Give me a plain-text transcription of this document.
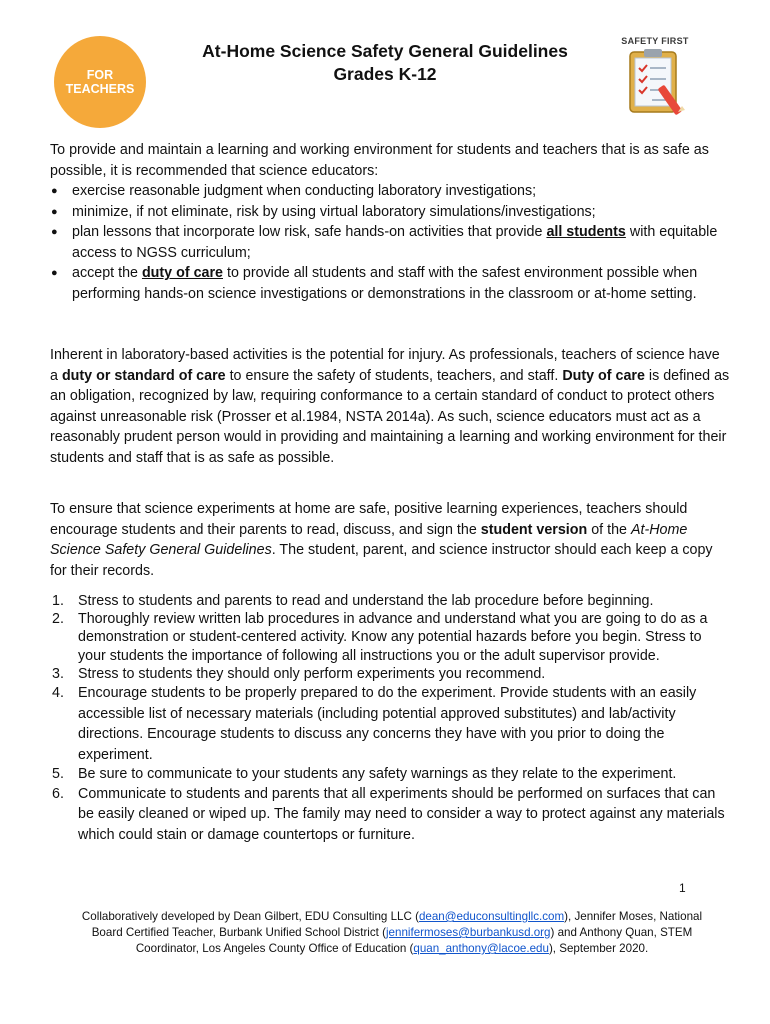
FOR
TEACHERS
At-Home Science Safety General Guidelines
Grades K-12
SAFETY FIRST
To provide and maintain a learning and working environment for students and teachers that is as safe as possible, it is recommended that science educators:
● exercise reasonable judgment when conducting laboratory investigations;
● minimize, if not eliminate, risk by using virtual laboratory simulations/investigations;
● plan lessons that incorporate low risk, safe hands-on activities that provide all students with equitable access to NGSS curriculum;
● accept the duty of care to provide all students and staff with the safest environment possible when performing hands-on science investigations or demonstrations in the classroom or at-home setting.
Inherent in laboratory-based activities is the potential for injury. As professionals, teachers of science have a duty or standard of care to ensure the safety of students, teachers, and staff. Duty of care is defined as an obligation, recognized by law, requiring conformance to a certain standard of conduct to protect others against unreasonable risk (Prosser et al.1984, NSTA 2014a). As such, science educators must act as a reasonably prudent person would in providing and maintaining a learning and working environment for their students and staff that is as safe as possible.
To ensure that science experiments at home are safe, positive learning experiences, teachers should encourage students and their parents to read, discuss, and sign the student version of the At-Home Science Safety General Guidelines. The student, parent, and science instructor should each keep a copy for their records.
1. Stress to students and parents to read and understand the lab procedure before beginning.
2. Thoroughly review written lab procedures in advance and understand what you are going to do as a demonstration or student-centered activity. Know any potential hazards before you begin. Stress to your students the importance of following all instructions you or the adult supervisor provide.
3. Stress to students they should only perform experiments you recommend.
4. Encourage students to be properly prepared to do the experiment. Provide students with an easily accessible list of necessary materials (including potential approved substitutes) and lab/activity directions. Encourage students to discuss any concerns they have with you prior to doing the experiment.
5. Be sure to communicate to your students any safety warnings as they relate to the experiment.
6. Communicate to students and parents that all experiments should be performed on surfaces that can be easily cleaned or wiped up. The family may need to consider a way to protect against any materials which could stain or damage countertops or furniture.
1
Collaboratively developed by Dean Gilbert, EDU Consulting LLC (dean@educonsultingllc.com), Jennifer Moses, National Board Certified Teacher, Burbank Unified School District (jennifermoses@burbankusd.org) and Anthony Quan, STEM Coordinator, Los Angeles County Office of Education (quan_anthony@lacoe.edu), September 2020.
